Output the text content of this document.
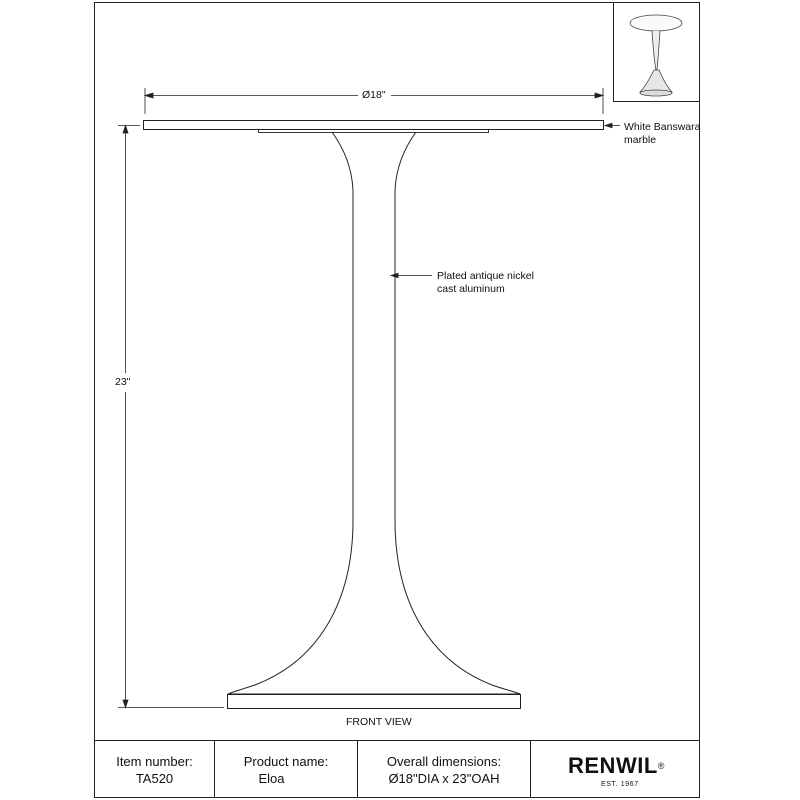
Ø18"
23"
White Banswara
marble
Plated antique nickel
cast aluminum
FRONT VIEW
Item number:
TA520
Product name:
Eloa
Overall dimensions:
Ø18"DIA x 23"OAH
RENWIL®
EST. 1967
